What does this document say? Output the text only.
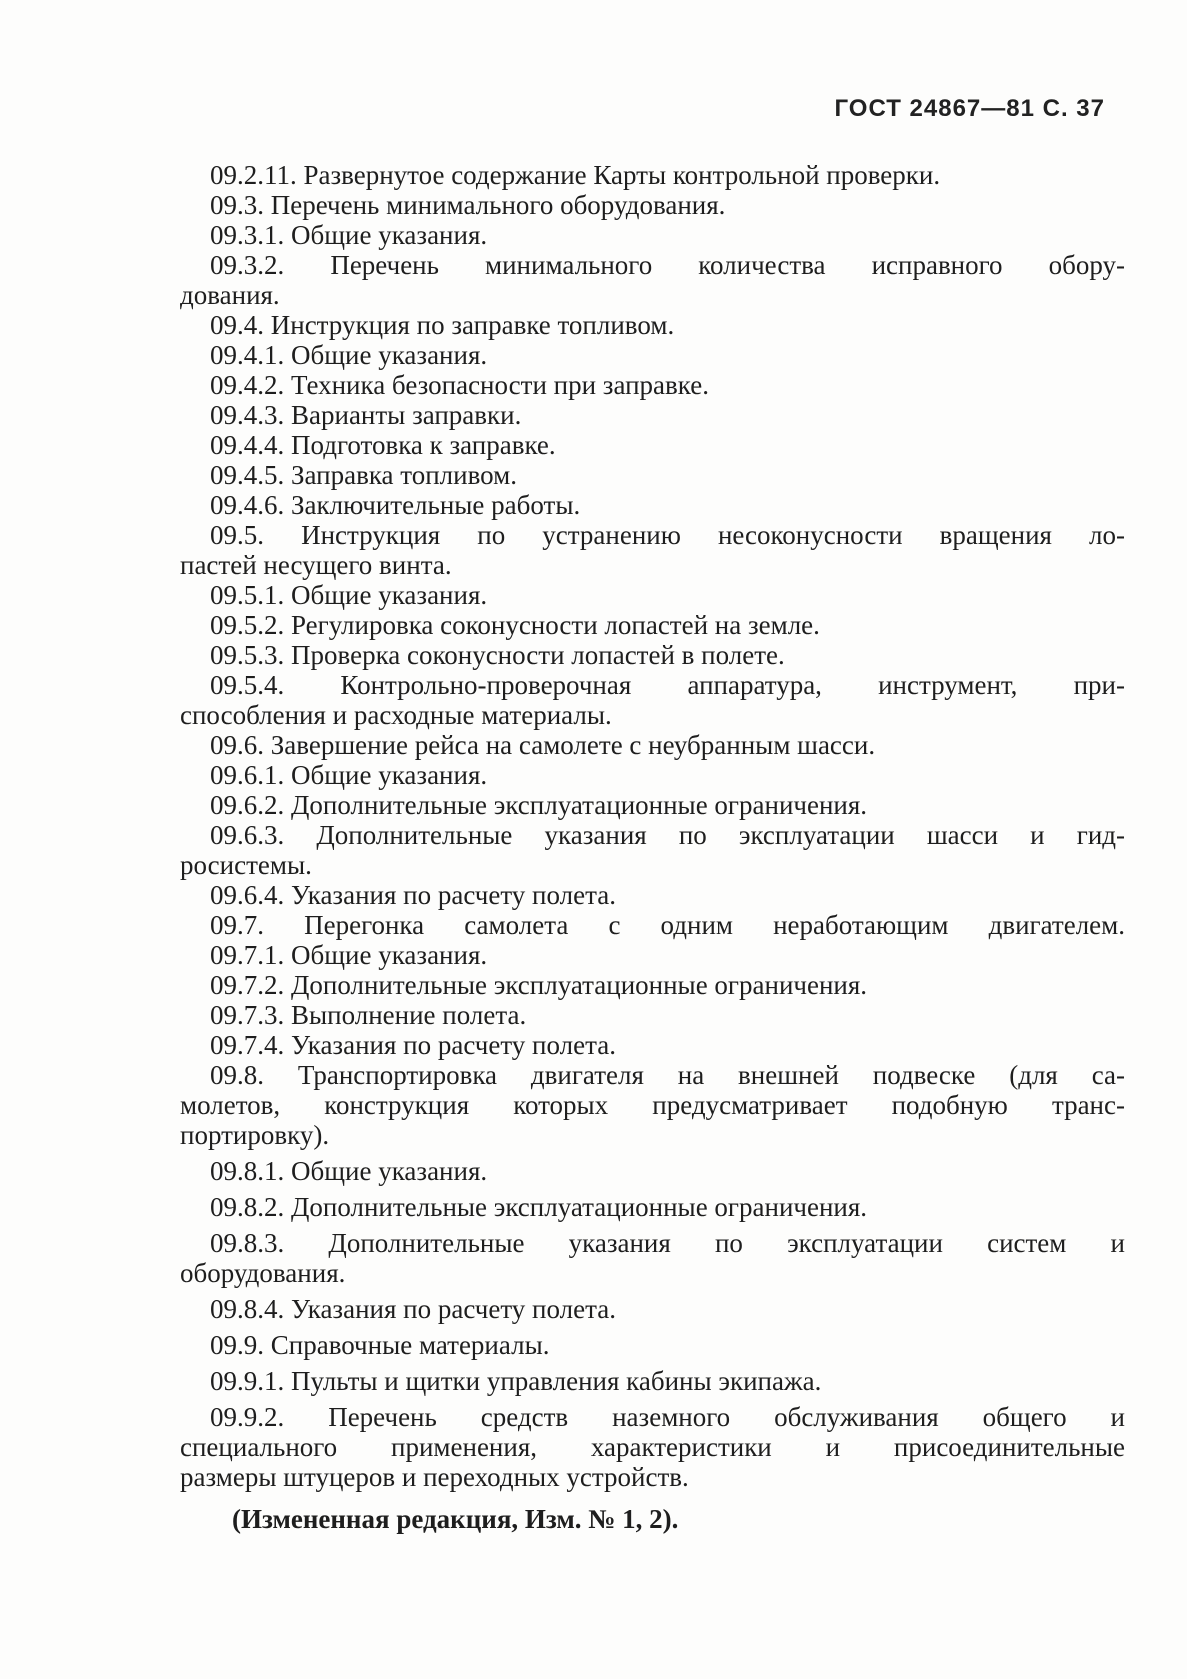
ГОСТ 24867—81 С. 37
09.2.11. Развернутое содержание Карты контрольной проверки.
09.3. Перечень минимального оборудования.
09.3.1. Общие указания.
09.3.2. Перечень минимального количества исправного обору-
дования.
09.4. Инструкция по заправке топливом.
09.4.1. Общие указания.
09.4.2. Техника безопасности при заправке.
09.4.3. Варианты заправки.
09.4.4. Подготовка к заправке.
09.4.5. Заправка топливом.
09.4.6. Заключительные работы.
09.5. Инструкция по устранению несоконусности вращения ло-
пастей несущего винта.
09.5.1. Общие указания.
09.5.2. Регулировка соконусности лопастей на земле.
09.5.3. Проверка соконусности лопастей в полете.
09.5.4. Контрольно-проверочная аппаратура, инструмент, при-
способления и расходные материалы.
09.6. Завершение рейса на самолете с неубранным шасси.
09.6.1. Общие указания.
09.6.2. Дополнительные эксплуатационные ограничения.
09.6.3. Дополнительные указания по эксплуатации шасси и гид-
росистемы.
09.6.4. Указания по расчету полета.
09.7. Перегонка самолета с одним неработающим двигателем.
09.7.1. Общие указания.
09.7.2. Дополнительные эксплуатационные ограничения.
09.7.3. Выполнение полета.
09.7.4. Указания по расчету полета.
09.8. Транспортировка двигателя на внешней подвеске (для са-
молетов, конструкция которых предусматривает подобную транс-
портировку).
09.8.1. Общие указания.
09.8.2. Дополнительные эксплуатационные ограничения.
09.8.3. Дополнительные указания по эксплуатации систем и
оборудования.
09.8.4. Указания по расчету полета.
09.9. Справочные материалы.
09.9.1. Пульты и щитки управления кабины экипажа.
09.9.2. Перечень средств наземного обслуживания общего и
специального применения, характеристики и присоединительные
размеры штуцеров и переходных устройств.
(Измененная редакция, Изм. № 1, 2).
